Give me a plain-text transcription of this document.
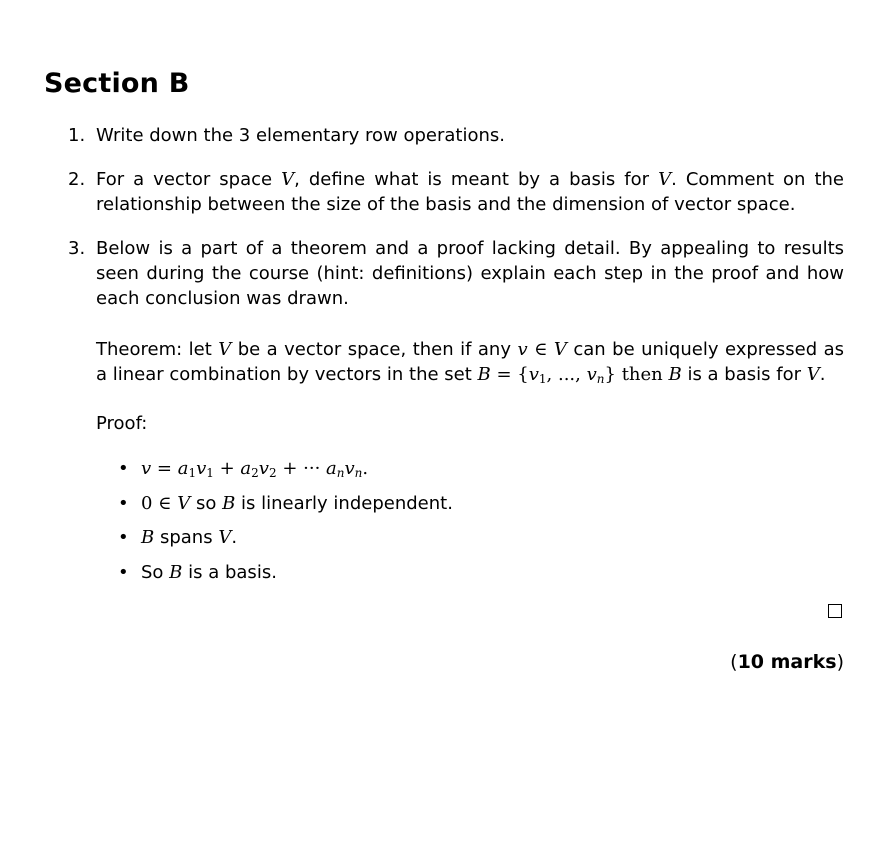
Section B
1. Write down the 3 elementary row operations.
2. For a vector space V, define what is meant by a basis for V. Comment on the relationship between the size of the basis and the dimension of vector space.
3. Below is a part of a theorem and a proof lacking detail. By appealing to results seen during the course (hint: definitions) explain each step in the proof and how each conclusion was drawn.
Theorem: let V be a vector space, then if any v ∈ V can be uniquely expressed as a linear combination by vectors in the set $B = \{v_1$, ..., $v_n$} then B is a basis for V.
Proof:
• $v = a_1v_1 + a_2v_2$ + ··· $a_nv_n$.
• 0 ∈ V so B is linearly independent.
• B spans V.
• So B is a basis.
(10 marks)
